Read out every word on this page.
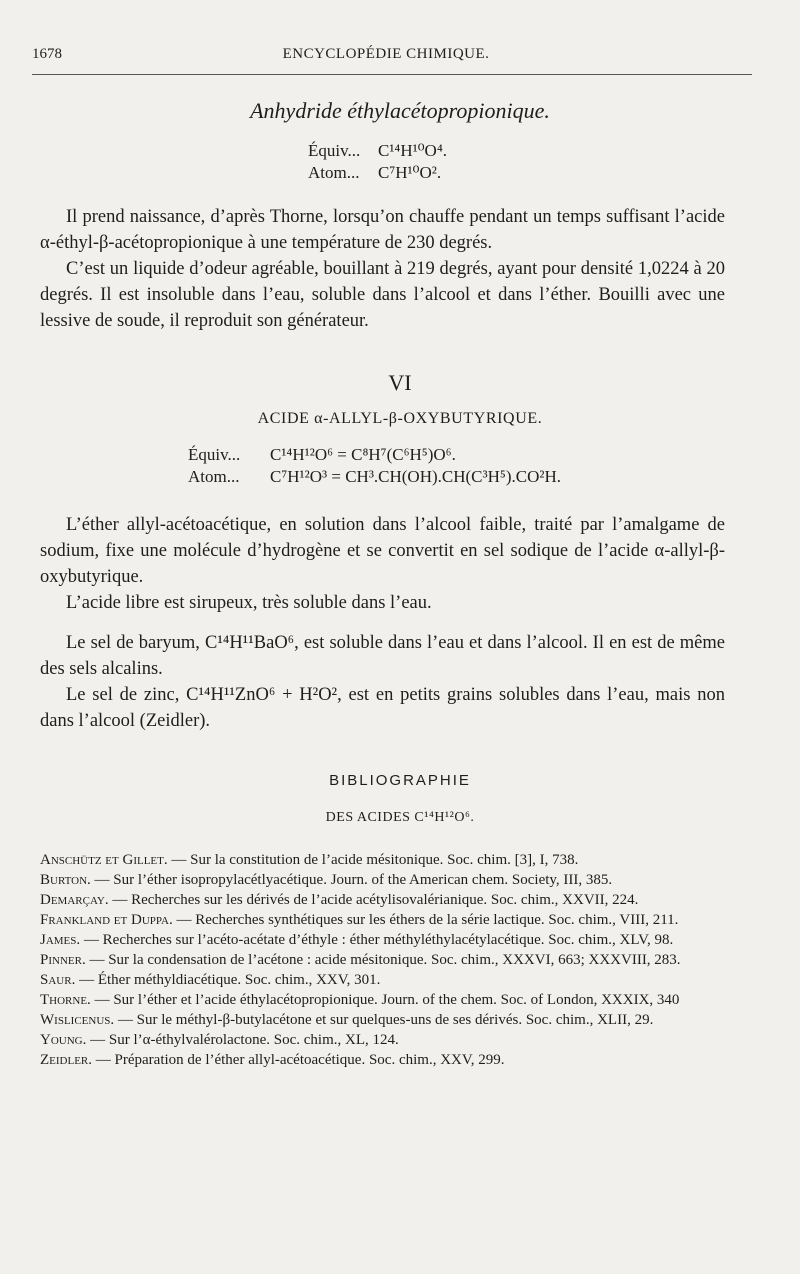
1678	ENCYCLOPÉDIE CHIMIQUE.
Anhydride éthylacétopropionique.
Équiv... C¹⁴H¹⁰O⁴.
Atom... C⁷H¹⁰O².

Il prend naissance, d’après Thorne, lorsqu’on chauffe pendant un temps suffisant l’acide α-éthyl-β-acétopropionique à une température de 230 degrés.

C’est un liquide d’odeur agréable, bouillant à 219 degrés, ayant pour densité 1,0224 à 20 degrés. Il est insoluble dans l’eau, soluble dans l’alcool et dans l’éther. Bouilli avec une lessive de soude, il reproduit son générateur.

VI
ACIDE α-ALLYL-β-OXYBUTYRIQUE.
Équiv... C¹⁴H¹²O⁶ = C⁸H⁷(C⁶H⁵)O⁶.
Atom... C⁷H¹²O³ = CH³.CH(OH).CH(C³H⁵).CO²H.

L’éther allyl-acétoacétique, en solution dans l’alcool faible, traité par l’amalgame de sodium, fixe une molécule d’hydrogène et se convertit en sel sodique de l’acide α-allyl-β-oxybutyrique.

L’acide libre est sirupeux, très soluble dans l’eau.

Le sel de baryum, C¹⁴H¹¹BaO⁶, est soluble dans l’eau et dans l’alcool. Il en est de même des sels alcalins.

Le sel de zinc, C¹⁴H¹¹ZnO⁶ + H²O², est en petits grains solubles dans l’eau, mais non dans l’alcool (Zeidler).

BIBLIOGRAPHIE
DES ACIDES C¹⁴H¹²O⁶.

Anschütz et Gillet. — Sur la constitution de l’acide mésitonique. Soc. chim. [3], I, 738.

Burton. — Sur l’éther isopropylacétlyacétique. Journ. of the American chem. Society, III, 385.

Demarçay. — Recherches sur les dérivés de l’acide acétylisovalérianique. Soc. chim., XXVII, 224.

Frankland et Duppa. — Recherches synthétiques sur les éthers de la série lactique. Soc. chim., VIII, 211.

James. — Recherches sur l’acéto-acétate d’éthyle : éther méthyléthylacétylacétique. Soc. chim., XLV, 98.

Pinner. — Sur la condensation de l’acétone : acide mésitonique. Soc. chim., XXXVI, 663; XXXVIII, 283.

Saur. — Éther méthyldiacétique. Soc. chim., XXV, 301.

Thorne. — Sur l’éther et l’acide éthylacétopropionique. Journ. of the chem. Soc. of London, XXXIX, 340

Wislicenus. — Sur le méthyl-β-butylacétone et sur quelques-uns de ses dérivés. Soc. chim., XLII, 29.

Young. — Sur l’α-éthylvalérolactone. Soc. chim., XL, 124.

Zeidler. — Préparation de l’éther allyl-acétoacétique. Soc. chim., XXV, 299.
